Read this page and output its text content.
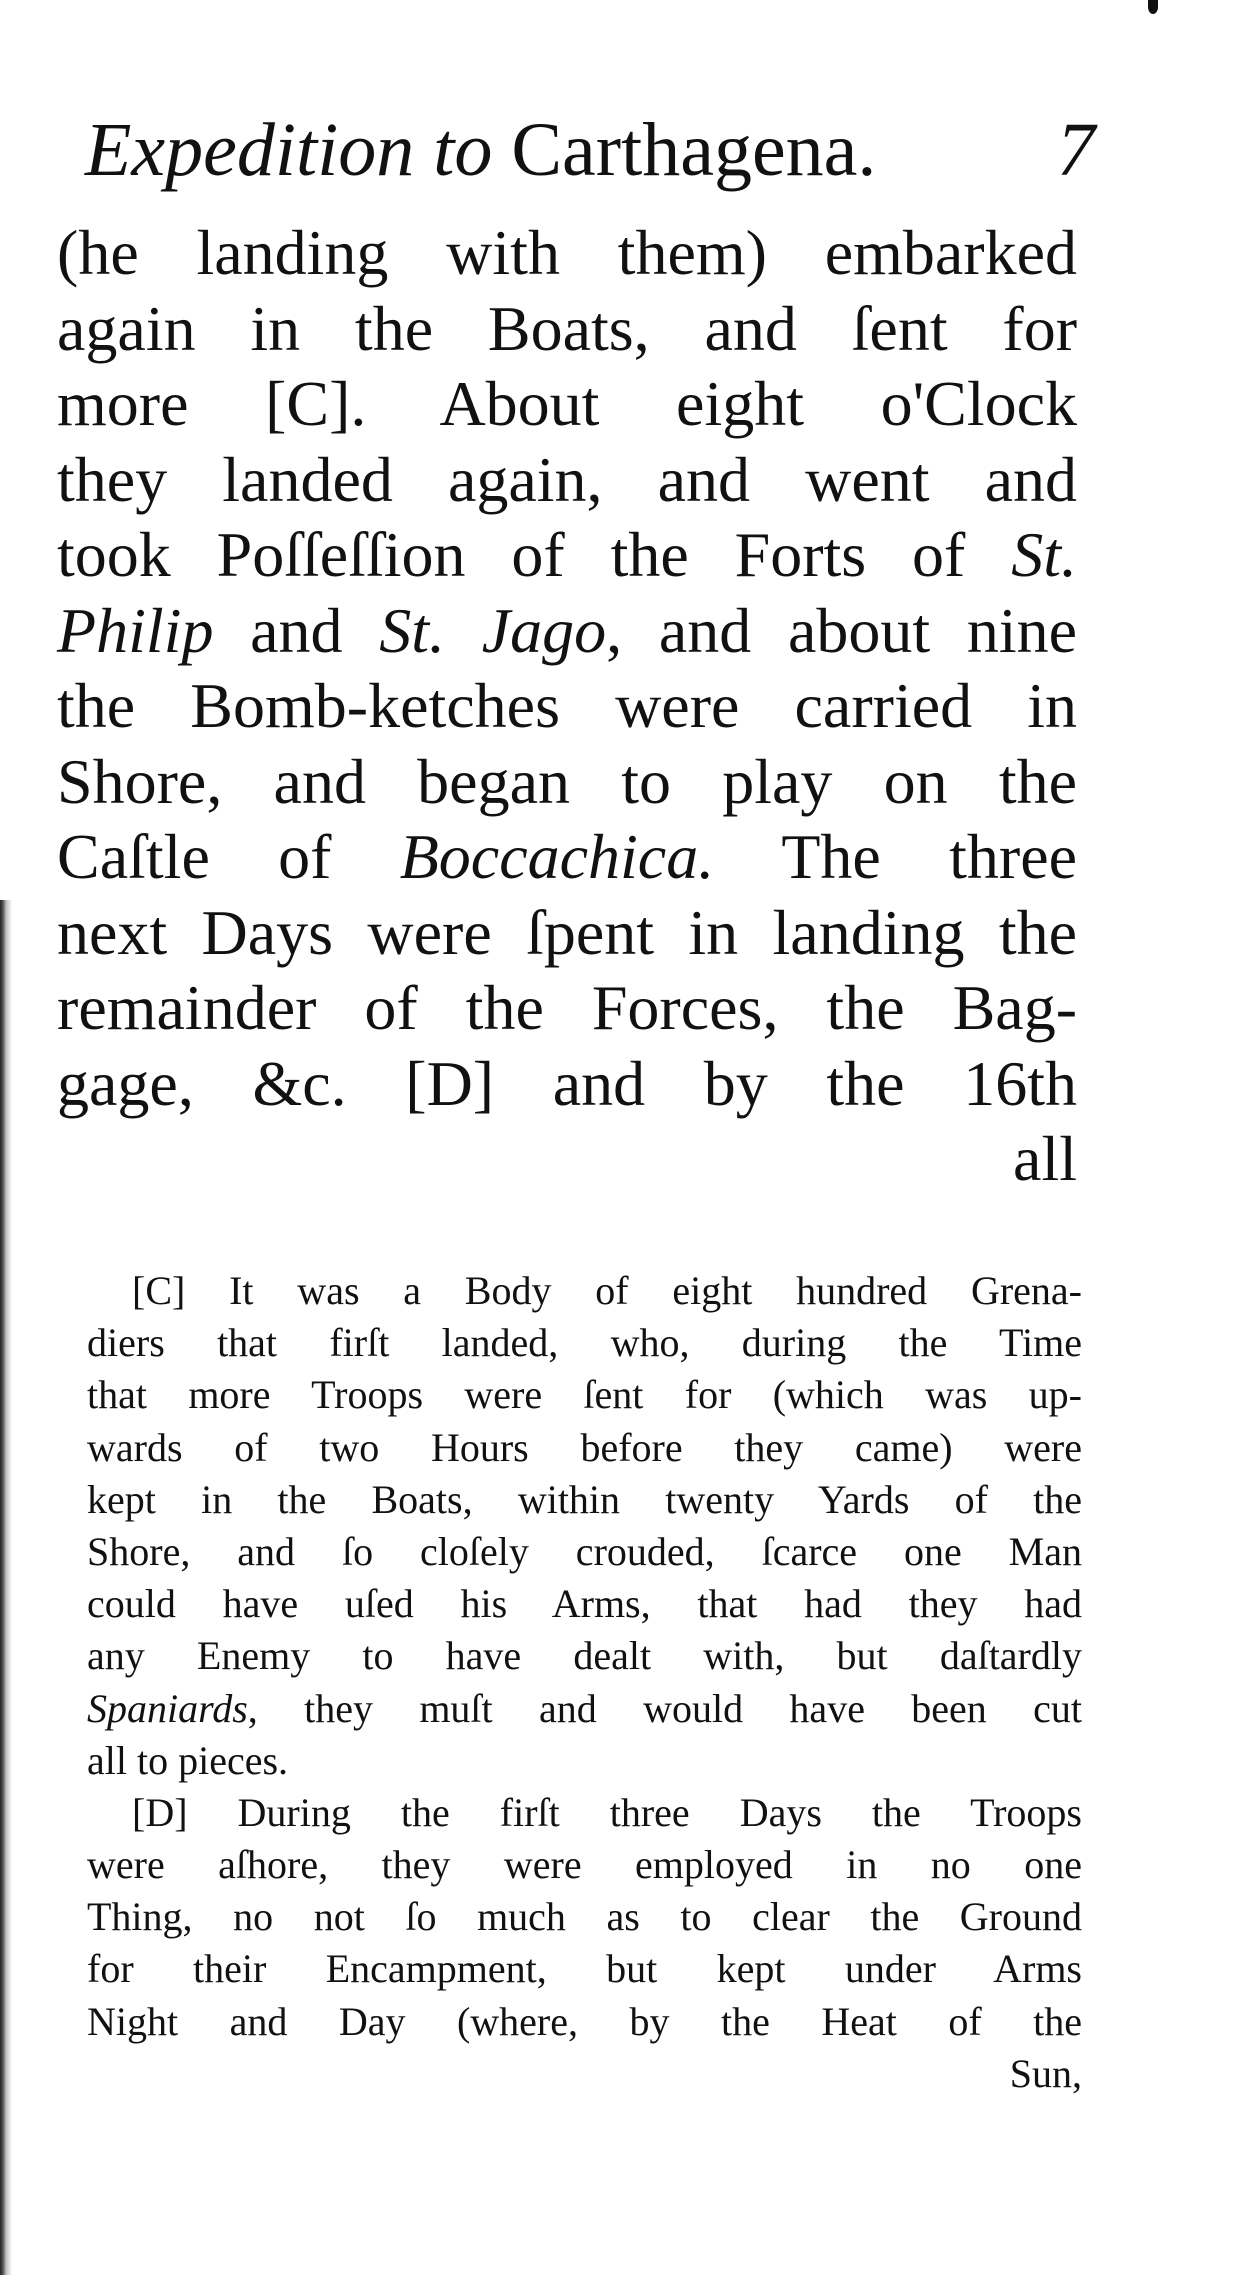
Expedition to Carthagena. 7
(he landing with them) embarked
again in the Boats, and ſent for
more [C]. About eight o'Clock
they landed again, and went and
took Poſſeſſion of the Forts of St.
Philip and St. Jago, and about nine
the Bomb-ketches were carried in
Shore, and began to play on the
Caſtle of Boccachica. The three
next Days were ſpent in landing the
remainder of the Forces, the Bag-
gage, &c. [D] and by the 16th
all
[C] It was a Body of eight hundred Grena-
diers that firſt landed, who, during the Time
that more Troops were ſent for (which was up-
wards of two Hours before they came) were
kept in the Boats, within twenty Yards of the
Shore, and ſo cloſely crouded, ſcarce one Man
could have uſed his Arms, that had they had
any Enemy to have dealt with, but daſtardly
Spaniards, they muſt and would have been cut
all to pieces.
[D] During the firſt three Days the Troops
were aſhore, they were employed in no one
Thing, no not ſo much as to clear the Ground
for their Encampment, but kept under Arms
Night and Day (where, by the Heat of the
Sun,
